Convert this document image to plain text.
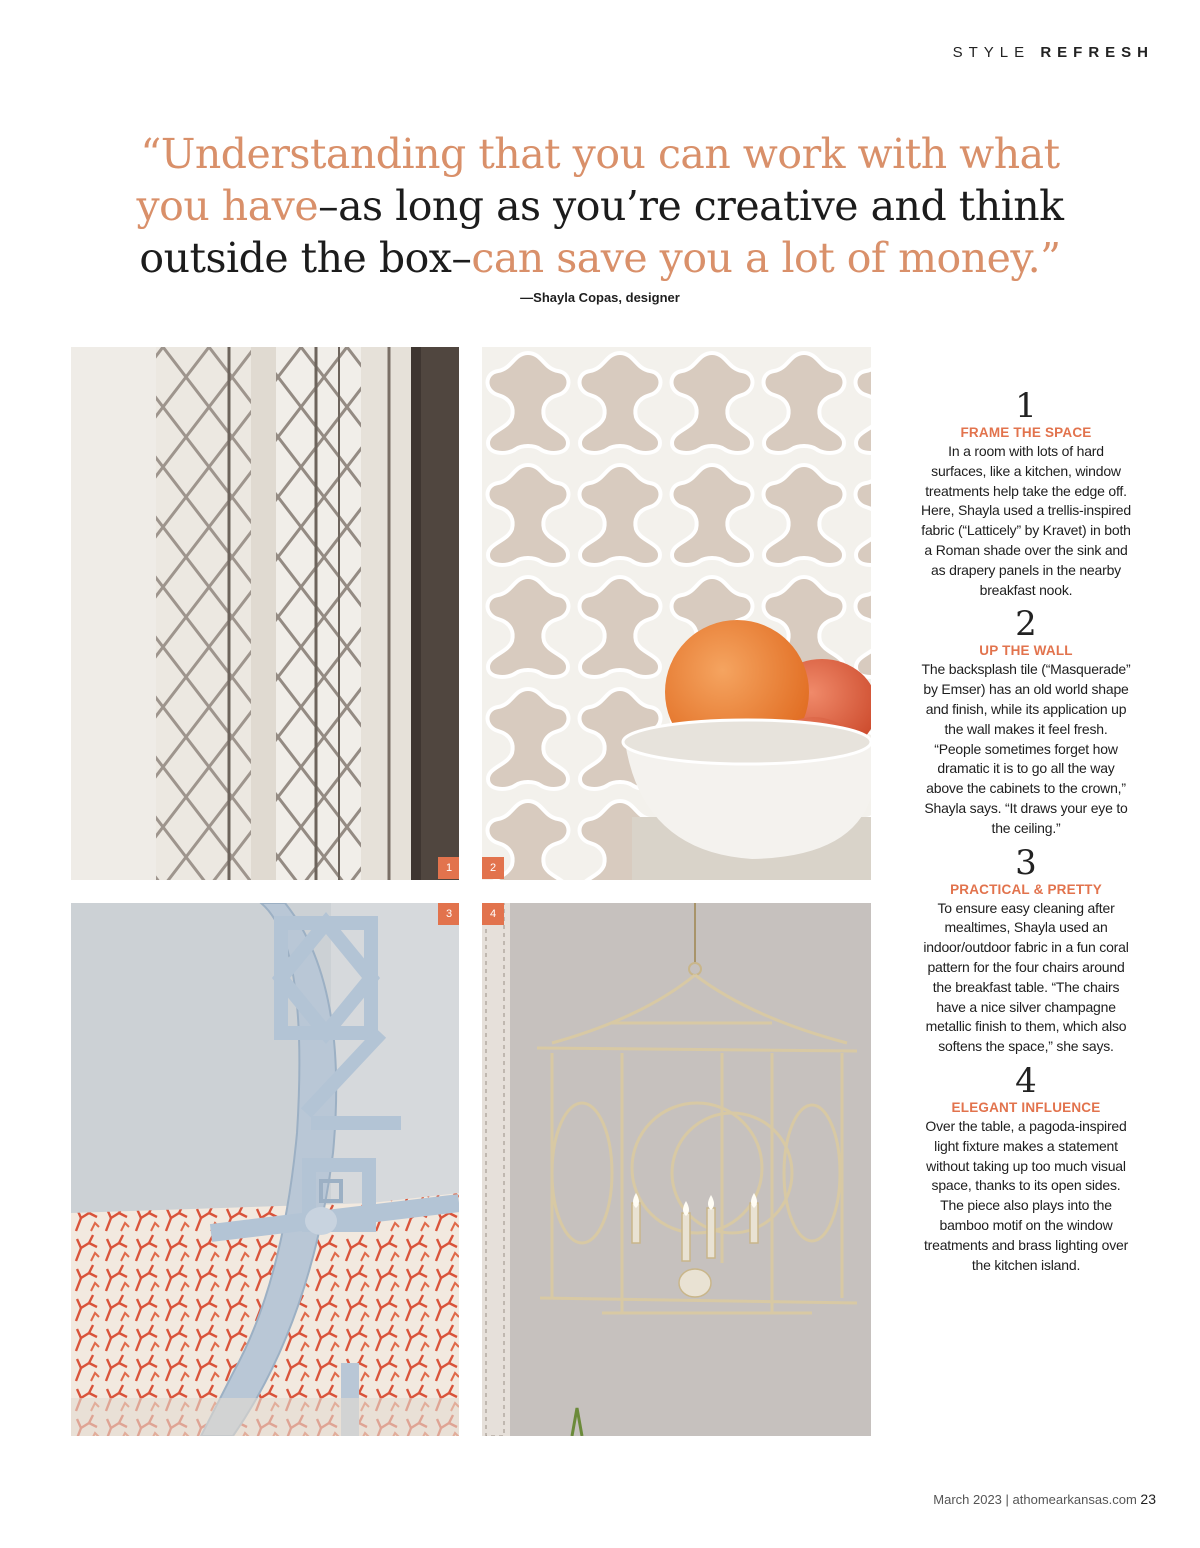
STYLE REFRESH
“Understanding that you can work with what you have–as long as you’re creative and think outside the box–can save you a lot of money.”
—Shayla Copas, designer
1	2
3	4
1
FRAME THE SPACE
In a room with lots of hard surfaces, like a kitchen, window treatments help take the edge off. Here, Shayla used a trellis-inspired fabric (“Latticely” by Kravet) in both a Roman shade over the sink and as drapery panels in the nearby breakfast nook.
2
UP THE WALL
The backsplash tile (“Masquerade” by Emser) has an old world shape and finish, while its application up the wall makes it feel fresh. “People sometimes forget how dramatic it is to go all the way above the cabinets to the crown,” Shayla says. “It draws your eye to the ceiling.”
3
PRACTICAL & PRETTY
To ensure easy cleaning after mealtimes, Shayla used an indoor/outdoor fabric in a fun coral pattern for the four chairs around the breakfast table. “The chairs have a nice silver champagne metallic finish to them, which also softens the space,” she says.
4
ELEGANT INFLUENCE
Over the table, a pagoda-inspired light fixture makes a statement without taking up too much visual space, thanks to its open sides. The piece also plays into the bamboo motif on the window treatments and brass lighting over the kitchen island.
March 2023 | athomearkansas.com 23
